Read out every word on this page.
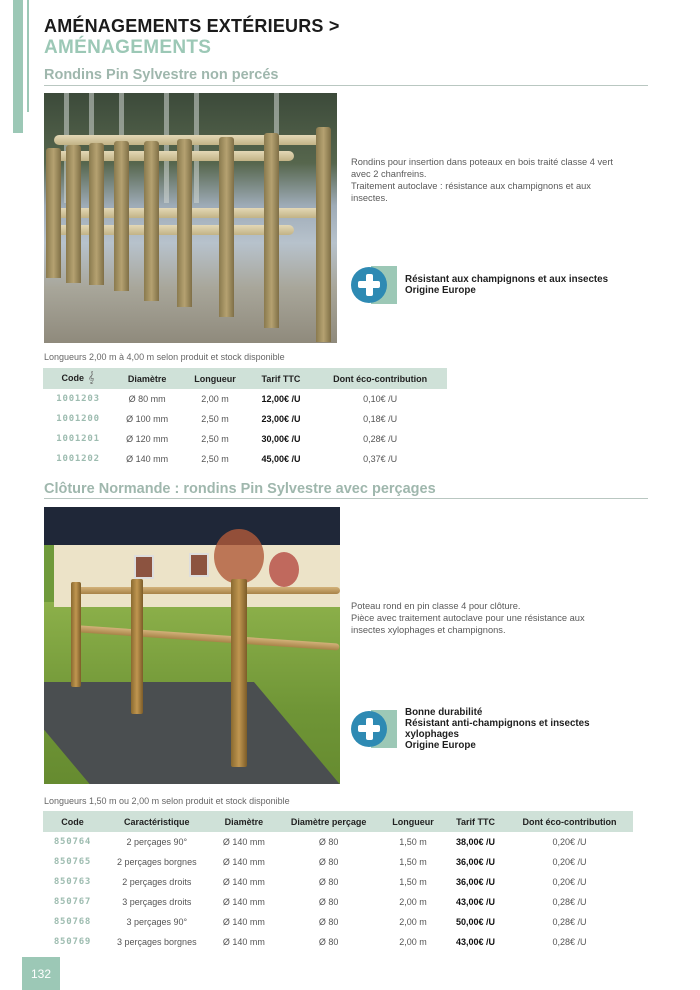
AMÉNAGEMENTS EXTÉRIEURS >
AMÉNAGEMENTS
Rondins Pin Sylvestre non percés
Rondins pour insertion dans poteaux en bois traité classe 4 vert
avec 2 chanfreins.
Traitement autoclave : résistance aux champignons et aux
insectes.
Résistant aux champignons et aux insectes
Origine Europe
Longueurs 2,00 m à 4,00 m selon produit et stock disponible
Code 𝄞	Diamètre	Longueur	Tarif TTC	Dont éco-contribution
1001203	Ø 80 mm	2,00 m	12,00€ /U	0,10€ /U
1001200	Ø 100 mm	2,50 m	23,00€ /U	0,18€ /U
1001201	Ø 120 mm	2,50 m	30,00€ /U	0,28€ /U
1001202	Ø 140 mm	2,50 m	45,00€ /U	0,37€ /U
Clôture Normande : rondins Pin Sylvestre avec perçages
Poteau rond en pin classe 4 pour clôture.
Pièce avec traitement autoclave pour une résistance aux
insectes xylophages et champignons.
Bonne durabilité
Résistant anti-champignons et insectes
xylophages
Origine Europe
Longueurs 1,50 m ou 2,00 m selon produit et stock disponible
Code	Caractéristique	Diamètre	Diamètre perçage	Longueur	Tarif TTC	Dont éco-contribution
850764	2 perçages 90°	Ø 140 mm	Ø 80	1,50 m	38,00€ /U	0,20€ /U
850765	2 perçages borgnes	Ø 140 mm	Ø 80	1,50 m	36,00€ /U	0,20€ /U
850763	2 perçages droits	Ø 140 mm	Ø 80	1,50 m	36,00€ /U	0,20€ /U
850767	3 perçages droits	Ø 140 mm	Ø 80	2,00 m	43,00€ /U	0,28€ /U
850768	3 perçages 90°	Ø 140 mm	Ø 80	2,00 m	50,00€ /U	0,28€ /U
850769	3 perçages borgnes	Ø 140 mm	Ø 80	2,00 m	43,00€ /U	0,28€ /U
132
